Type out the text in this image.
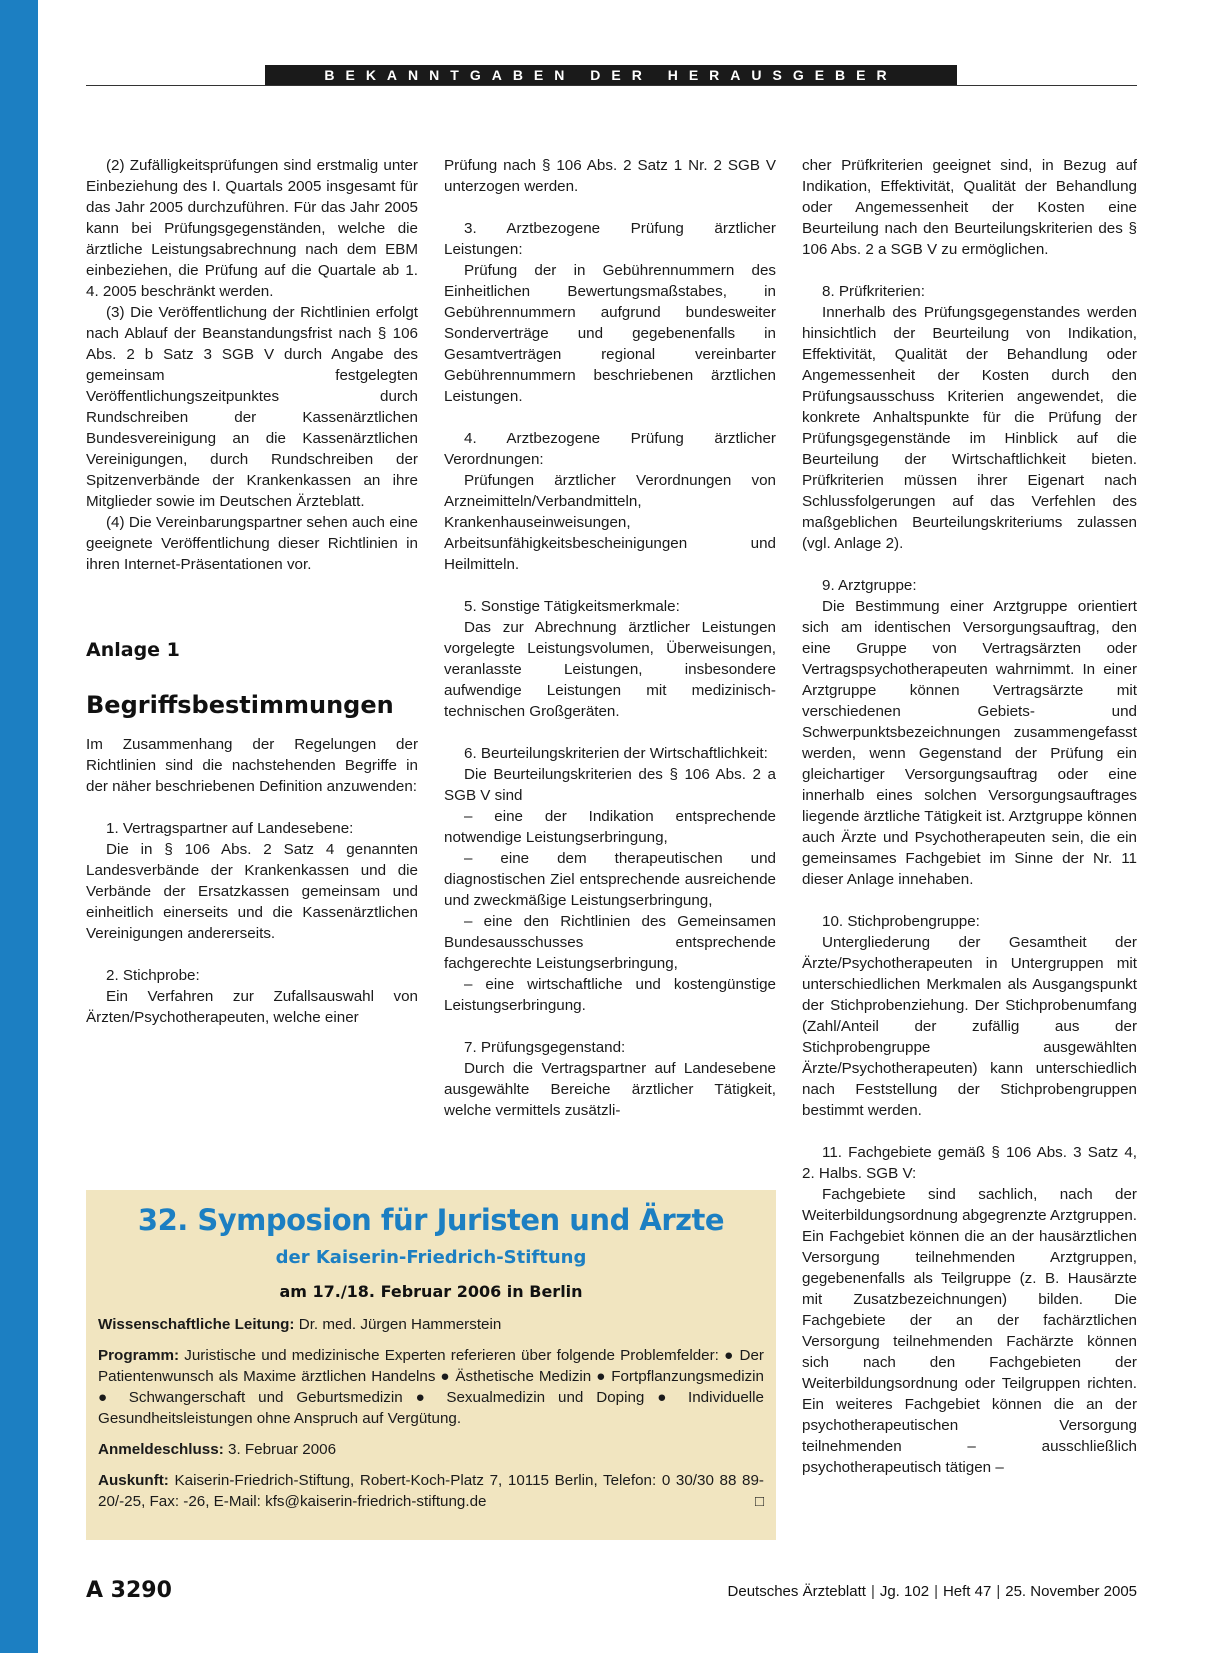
BEKANNTGABEN DER HERAUSGEBER

(2) Zufälligkeitsprüfungen sind erstmalig unter Einbeziehung des I. Quartals 2005 insgesamt für das Jahr 2005 durchzuführen. Für das Jahr 2005 kann bei Prüfungsgegenständen, welche die ärztliche Leistungsabrechnung nach dem EBM einbeziehen, die Prüfung auf die Quartale ab 1. 4. 2005 beschränkt werden.

(3) Die Veröffentlichung der Richtlinien erfolgt nach Ablauf der Beanstandungsfrist nach § 106 Abs. 2 b Satz 3 SGB V durch Angabe des gemeinsam festgelegten Veröffentlichungszeitpunktes durch Rundschreiben der Kassenärztlichen Bundesvereinigung an die Kassenärztlichen Vereinigungen, durch Rundschreiben der Spitzenverbände der Krankenkassen an ihre Mitglieder sowie im Deutschen Ärzteblatt.

(4) Die Vereinbarungspartner sehen auch eine geeignete Veröffentlichung dieser Richtlinien in ihren Internet-Präsentationen vor.

Anlage 1
Begriffsbestimmungen

Im Zusammenhang der Regelungen der Richtlinien sind die nachstehenden Begriffe in der näher beschriebenen Definition anzuwenden:

1. Vertragspartner auf Landesebene:

Die in § 106 Abs. 2 Satz 4 genannten Landesverbände der Krankenkassen und die Verbände der Ersatzkassen gemeinsam und einheitlich einerseits und die Kassenärztlichen Vereinigungen andererseits.

2. Stichprobe:

Ein Verfahren zur Zufallsauswahl von Ärzten/Psychotherapeuten, welche einer

Prüfung nach § 106 Abs. 2 Satz 1 Nr. 2 SGB V unterzogen werden.

3. Arztbezogene Prüfung ärztlicher Leistungen:

Prüfung der in Gebührennummern des Einheitlichen Bewertungsmaßstabes, in Gebührennummern aufgrund bundesweiter Sonderverträge und gegebenenfalls in Gesamtverträgen regional vereinbarter Gebührennummern beschriebenen ärztlichen Leistungen.

4. Arztbezogene Prüfung ärztlicher Verordnungen:

Prüfungen ärztlicher Verordnungen von Arzneimitteln/Verbandmitteln, Krankenhauseinweisungen, Arbeitsunfähigkeitsbescheinigungen und Heilmitteln.

5. Sonstige Tätigkeitsmerkmale:

Das zur Abrechnung ärztlicher Leistungen vorgelegte Leistungsvolumen, Überweisungen, veranlasste Leistungen, insbesondere aufwendige Leistungen mit medizinisch-technischen Großgeräten.

6. Beurteilungskriterien der Wirtschaftlichkeit:

Die Beurteilungskriterien des § 106 Abs. 2 a SGB V sind

– eine der Indikation entsprechende notwendige Leistungserbringung,

– eine dem therapeutischen und diagnostischen Ziel entsprechende ausreichende und zweckmäßige Leistungserbringung,

– eine den Richtlinien des Gemeinsamen Bundesausschusses entsprechende fachgerechte Leistungserbringung,

– eine wirtschaftliche und kostengünstige Leistungserbringung.

7. Prüfungsgegenstand:

Durch die Vertragspartner auf Landesebene ausgewählte Bereiche ärztlicher Tätigkeit, welche vermittels zusätzli-

cher Prüfkriterien geeignet sind, in Bezug auf Indikation, Effektivität, Qualität der Behandlung oder Angemessenheit der Kosten eine Beurteilung nach den Beurteilungskriterien des § 106 Abs. 2 a SGB V zu ermöglichen.

8. Prüfkriterien:

Innerhalb des Prüfungsgegenstandes werden hinsichtlich der Beurteilung von Indikation, Effektivität, Qualität der Behandlung oder Angemessenheit der Kosten durch den Prüfungsausschuss Kriterien angewendet, die konkrete Anhaltspunkte für die Prüfung der Prüfungsgegenstände im Hinblick auf die Beurteilung der Wirtschaftlichkeit bieten. Prüfkriterien müssen ihrer Eigenart nach Schlussfolgerungen auf das Verfehlen des maßgeblichen Beurteilungskriteriums zulassen (vgl. Anlage 2).

9. Arztgruppe:

Die Bestimmung einer Arztgruppe orientiert sich am identischen Versorgungsauftrag, den eine Gruppe von Vertragsärzten oder Vertragspsychotherapeuten wahrnimmt. In einer Arztgruppe können Vertragsärzte mit verschiedenen Gebiets- und Schwerpunktsbezeichnungen zusammengefasst werden, wenn Gegenstand der Prüfung ein gleichartiger Versorgungsauftrag oder eine innerhalb eines solchen Versorgungsauftrages liegende ärztliche Tätigkeit ist. Arztgruppe können auch Ärzte und Psychotherapeuten sein, die ein gemeinsames Fachgebiet im Sinne der Nr. 11 dieser Anlage innehaben.

10. Stichprobengruppe:

Untergliederung der Gesamtheit der Ärzte/Psychotherapeuten in Untergruppen mit unterschiedlichen Merkmalen als Ausgangspunkt der Stichprobenziehung. Der Stichprobenumfang (Zahl/Anteil der zufällig aus der Stichprobengruppe ausgewählten Ärzte/Psychotherapeuten) kann unterschiedlich nach Feststellung der Stichprobengruppen bestimmt werden.

11. Fachgebiete gemäß § 106 Abs. 3 Satz 4, 2. Halbs. SGB V:

Fachgebiete sind sachlich, nach der Weiterbildungsordnung abgegrenzte Arztgruppen. Ein Fachgebiet können die an der hausärztlichen Versorgung teilnehmenden Arztgruppen, gegebenenfalls als Teilgruppe (z. B. Hausärzte mit Zusatzbezeichnungen) bilden. Die Fachgebiete der an der fachärztlichen Versorgung teilnehmenden Fachärzte können sich nach den Fachgebieten der Weiterbildungsordnung oder Teilgruppen richten. Ein weiteres Fachgebiet können die an der psychotherapeutischen Versorgung teilnehmenden – ausschließlich psychotherapeutisch tätigen –

32. Symposion für Juristen und Ärzte
der Kaiserin-Friedrich-Stiftung
am 17./18. Februar 2006 in Berlin

Wissenschaftliche Leitung: Dr. med. Jürgen Hammerstein

Programm: Juristische und medizinische Experten referieren über folgende Problemfelder: ● Der Patientenwunsch als Maxime ärztlichen Handelns ● Ästhetische Medizin ● Fortpflanzungsmedizin ● Schwangerschaft und Geburtsmedizin ● Sexualmedizin und Doping ● Individuelle Gesundheitsleistungen ohne Anspruch auf Vergütung.

Anmeldeschluss: 3. Februar 2006

Auskunft: Kaiserin-Friedrich-Stiftung, Robert-Koch-Platz 7, 10115 Berlin, Telefon: 0 30/30 88 89-20/-25, Fax: -26, E-Mail: kfs@kaiserin-friedrich-stiftung.de	□

A 3290	Deutsches Ärzteblatt | Jg. 102 | Heft 47 | 25. November 2005
